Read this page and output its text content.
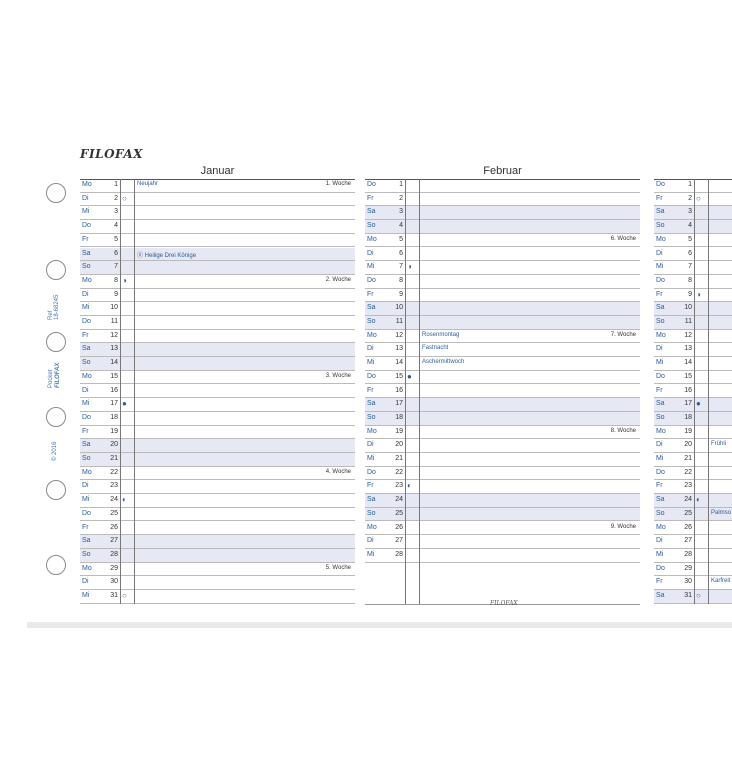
FILOFAX
Ref 18-68245
Pocket FILOFAX
© 2016
Januar
Mo	1	Neujahr	1. Woche
Di	2 ○
Mi	3
Do	4
Fr	5
Sa	6	Ⓡ Heilige Drei Könige
So	7
Mo	8 ◑	2. Woche
Di	9
Mi	10
Do	11
Fr	12
Sa	13
So	14
Mo	15	3. Woche
Di	16
Mi	17 ●
Do	18
Fr	19
Sa	20
So	21
Mo	22	4. Woche
Di	23
Mi	24 ◐
Do	25
Fr	26
Sa	27
So	28
Mo	29	5. Woche
Di	30
Mi	31 ○
Februar
Do	1
Fr	2
Sa	3
So	4
Mo	5	6. Woche
Di	6
Mi	7 ◑
Do	8
Fr	9
Sa	10
So	11
Mo	12	Rosenmontag	7. Woche
Di	13	Fastnacht
Mi	14	Aschermittwoch
Do	15 ●
Fr	16
Sa	17
So	18
Mo	19	8. Woche
Di	20
Mi	21
Do	22
Fr	23 ◐
Sa	24
So	25
Mo	26	9. Woche
Di	27
Mi	28
Do	1
Fr	2 ○
Sa	3
So	4
Mo	5
Di	6
Mi	7
Do	8
Fr	9 ◑
Sa	10
So	11
Mo	12
Di	13
Mi	14
Do	15
Fr	16
Sa	17 ●
So	18
Mo	19
Di	20	Frühli
Mi	21
Do	22
Fr	23
Sa	24 ◐
So	25	Palmso
Mo	26
Di	27
Mi	28
Do	29
Fr	30	Karfreit
Sa	31 ○
FILOFAX
